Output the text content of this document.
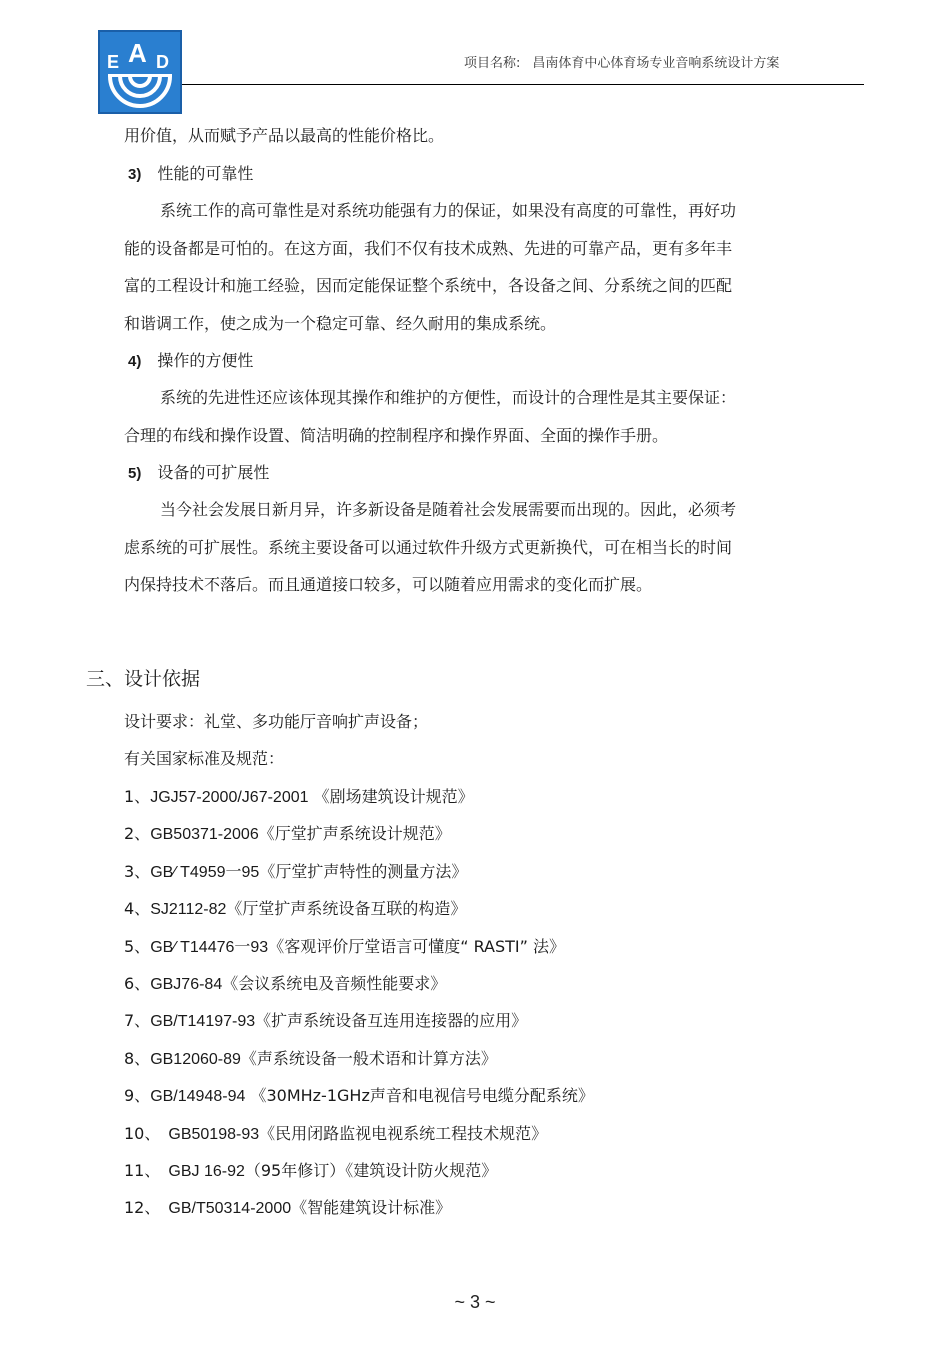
E A D	项目名称: 昌南体育中心体育场专业音响系统设计方案
用价值，从而赋予产品以最高的性能价格比。
3) 性能的可靠性
系统工作的高可靠性是对系统功能强有力的保证，如果没有高度的可靠性，再好功
能的设备都是可怕的。在这方面，我们不仅有技术成熟、先进的可靠产品，更有多年丰
富的工程设计和施工经验，因而定能保证整个系统中，各设备之间、分系统之间的匹配
和谐调工作，使之成为一个稳定可靠、经久耐用的集成系统。
4) 操作的方便性
系统的先进性还应该体现其操作和维护的方便性，而设计的合理性是其主要保证：
合理的布线和操作设置、简洁明确的控制程序和操作界面、全面的操作手册。
5) 设备的可扩展性
当今社会发展日新月异，许多新设备是随着社会发展需要而出现的。因此，必须考
虑系统的可扩展性。系统主要设备可以通过软件升级方式更新换代，可在相当长的时间
内保持技术不落后。而且通道接口较多，可以随着应用需求的变化而扩展。
三、设计依据
设计要求：礼堂、多功能厅音响扩声设备；
有关国家标准及规范：
1、JGJ57-2000/J67-2001 《剧场建筑设计规范》
2、GB50371-2006《厅堂扩声系统设计规范》
3、GB∕ T4959一95《厅堂扩声特性的测量方法》
4、SJ2112-82《厅堂扩声系统设备互联的构造》
5、GB∕ T14476一93《客观评价厅堂语言可懂度“ RASTI” 法》
6、GBJ76-84《会议系统电及音频性能要求》
7、GB/T14197-93《扩声系统设备互连用连接器的应用》
8、GB12060-89《声系统设备一般术语和计算方法》
9、GB/14948-94 《30MHz-1GHz声音和电视信号电缆分配系统》
10、 GB50198-93《民用闭路监视电视系统工程技术规范》
11、 GBJ 16-92（95年修订）《建筑设计防火规范》
12、 GB/T50314-2000《智能建筑设计标准》
~ 3 ~
